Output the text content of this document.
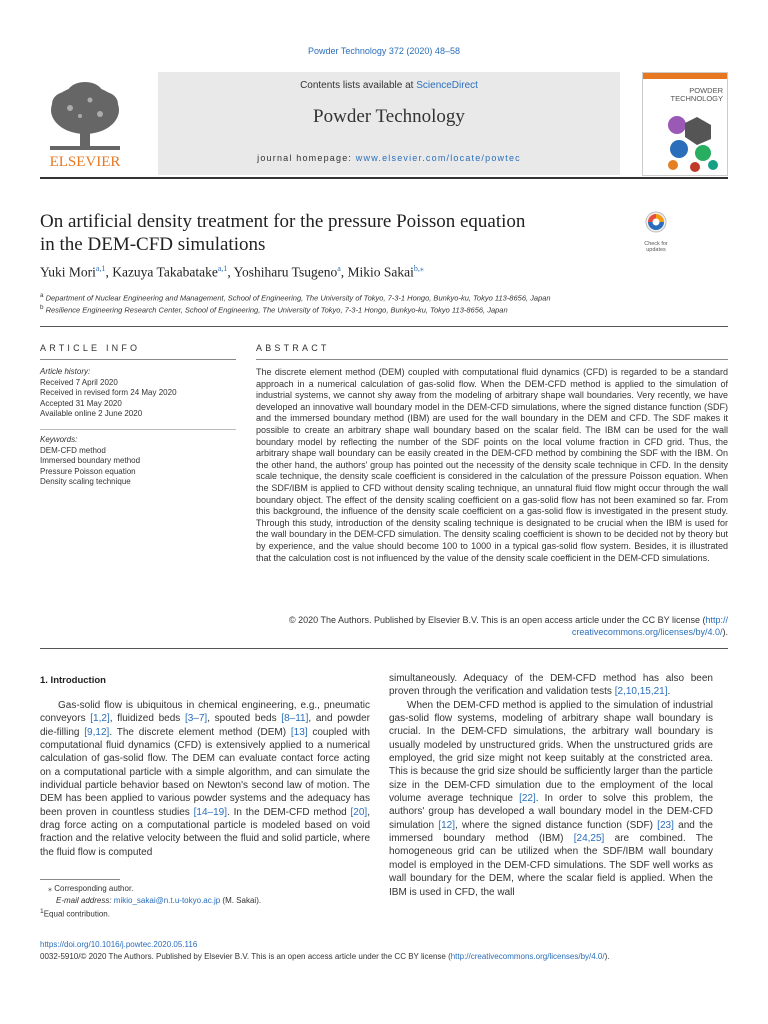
Powder Technology 372 (2020) 48–58
ELSEVIER
Contents lists available at ScienceDirect
Powder Technology
journal homepage: www.elsevier.com/locate/powtec
POWDER
TECHNOLOGY
On artificial density treatment for the pressure Poisson equation
in the DEM-CFD simulations	Check for
updates
Yuki Mori$^{a,1}$, Kazuya Takabatake$^{a,1}$, Yoshiharu Tsugeno$^a$, Mikio Sakai$^{b,⁎}$
$^a$ Department of Nuclear Engineering and Management, School of Engineering, The University of Tokyo, 7-3-1 Hongo, Bunkyo-ku, Tokyo 113-8656, Japan
$^b$ Resilience Engineering Research Center, School of Engineering, The University of Tokyo, 7-3-1 Hongo, Bunkyo-ku, Tokyo 113-8656, Japan
ARTICLE INFO
Article history:
Received 7 April 2020
Received in revised form 24 May 2020
Accepted 31 May 2020
Available online 2 June 2020
Keywords:
DEM-CFD method
Immersed boundary method
Pressure Poisson equation
Density scaling technique
ABSTRACT
The discrete element method (DEM) coupled with computational fluid dynamics (CFD) is regarded to be a standard approach in a numerical calculation of gas-solid flow. When the DEM-CFD method is applied to the simulation of industrial systems, we cannot shy away from the modeling of arbitrary shape wall boundaries. Very recently, we have developed an innovative wall boundary model in the DEM-CFD simulations, where the signed distance function (SDF) and the immersed boundary method (IBM) are used for the wall boundary in the DEM and CFD. The SDF makes it possible to create an arbitrary shape wall boundary based on the scalar field. The IBM can be used for the wall boundary model by reflecting the number of the SDF points on the local volume fraction in CFD grid. Thus, the arbitrary shape wall boundary can be easily created in the DEM-CFD method by combining the SDF with the IBM. On the other hand, the authors' group has pointed out the necessity of the density scale technique in CFD. In the density scale technique, the density scale coefficient is considered in the calculation of the pressure Poisson equation. When the SDF/IBM is applied to CFD without density scaling technique, an unnatural fluid flow might occur through the wall boundary object. The effect of the density scaling coefficient on a gas-solid flow has not been examined so far. From this background, the influence of the density scale coefficient on a gas-solid flow is investigated in the present study. Through this study, introduction of the density scaling technique is designated to be crucial when the IBM is used for the wall boundary in the DEM-CFD simulation. The density scaling coefficient is shown to be decided not by theory but by experience, and the value should become 100 to 1000 in a typical gas-solid flow system. Besides, it is illustrated that the calculation cost is not influenced by the value of the density scale coefficient in the DEM-CFD simulations.
© 2020 The Authors. Published by Elsevier B.V. This is an open access article under the CC BY license (http://
creativecommons.org/licenses/by/4.0/).
1. Introduction

Gas-solid flow is ubiquitous in chemical engineering, e.g., pneumatic conveyors [1,2], fluidized beds [3–7], spouted beds [8–11], and powder die-filling [9,12]. The discrete element method (DEM) [13] coupled with computational fluid dynamics (CFD) is extensively applied to a numerical calculation of gas-solid flow. The DEM can evaluate contact force acting on a computational particle with a simple algorithm, and can simulate the individual particle behavior based on Newton's second law of motion. The DEM has been applied to various powder systems and the adequacy has been proven in countless studies [14–19]. In the DEM-CFD method [20], drag force acting on a computational particle is modeled based on void fraction and the relative velocity between the fluid and solid particle, where the fluid flow is computed

simultaneously. Adequacy of the DEM-CFD method has also been proven through the verification and validation tests [2,10,15,21].

When the DEM-CFD method is applied to the simulation of industrial gas-solid flow systems, modeling of arbitrary shape wall boundary is crucial. In the DEM-CFD simulations, the arbitrary wall boundary is usually modeled by unstructured grids. When the unstructured grids are employed, the grid size might not keep suitably at the constricted area. This is because the grid size should be sufficiently larger than the particle size in the DEM-CFD simulation due to the employment of the local volume average technique [22]. In order to solve this problem, the authors' group has developed a wall boundary model in the DEM-CFD simulation [12], where the signed distance function (SDF) [23] and the immersed boundary method (IBM) [24,25] are combined. The homogeneous grid can be utilized when the SDF/IBM wall boundary model is employed in the DEM-CFD simulations. The SDF well works as wall boundary for the DEM, where the scalar field is applied. When the IBM is used in CFD, the wall

⁎ Corresponding author.
E-mail address: mikio_sakai@n.t.u-tokyo.ac.jp (M. Sakai).
$^1$Equal contribution.
https://doi.org/10.1016/j.powtec.2020.05.116
0032-5910/© 2020 The Authors. Published by Elsevier B.V. This is an open access article under the CC BY license (http://creativecommons.org/licenses/by/4.0/).
